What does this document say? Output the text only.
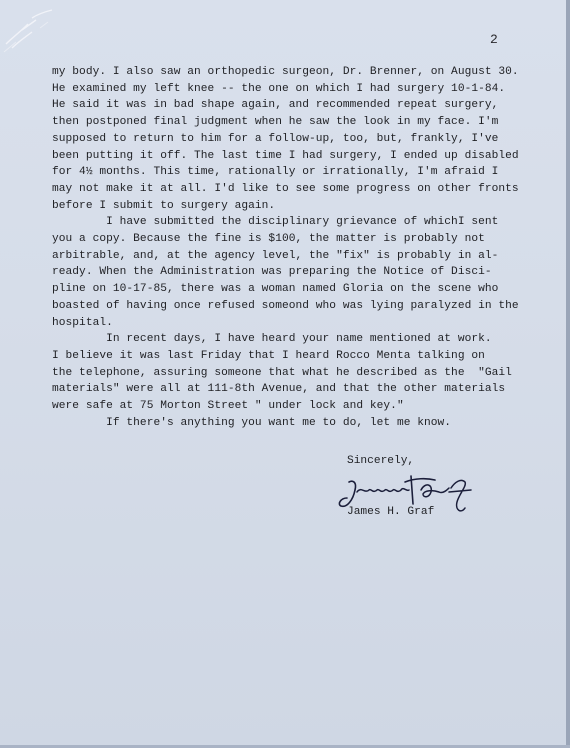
2
my body. I also saw an orthopedic surgeon, Dr. Brenner, on August 30.
He examined my left knee -- the one on which I had surgery 10-1-84.
He said it was in bad shape again, and recommended repeat surgery,
then postponed final judgment when he saw the look in my face. I'm
supposed to return to him for a follow-up, too, but, frankly, I've
been putting it off. The last time I had surgery, I ended up disabled
for 4½ months. This time, rationally or irrationally, I'm afraid I
may not make it at all. I'd like to see some progress on other fronts
before I submit to surgery again.
I have submitted the disciplinary grievance of whichI sent
you a copy. Because the fine is $100, the matter is probably not
arbitrable, and, at the agency level, the "fix" is probably in al-
ready. When the Administration was preparing the Notice of Disci-
pline on 10-17-85, there was a woman named Gloria on the scene who
boasted of having once refused someond who was lying paralyzed in the
hospital.
In recent days, I have heard your name mentioned at work.
I believe it was last Friday that I heard Rocco Menta talking on
the telephone, assuring someone that what he described as the  "Gail
materials" were all at 111-8th Avenue, and that the other materials
were safe at 75 Morton Street " under lock and key."
If there's anything you want me to do, let me know.
Sincerely,
James H. Graf
